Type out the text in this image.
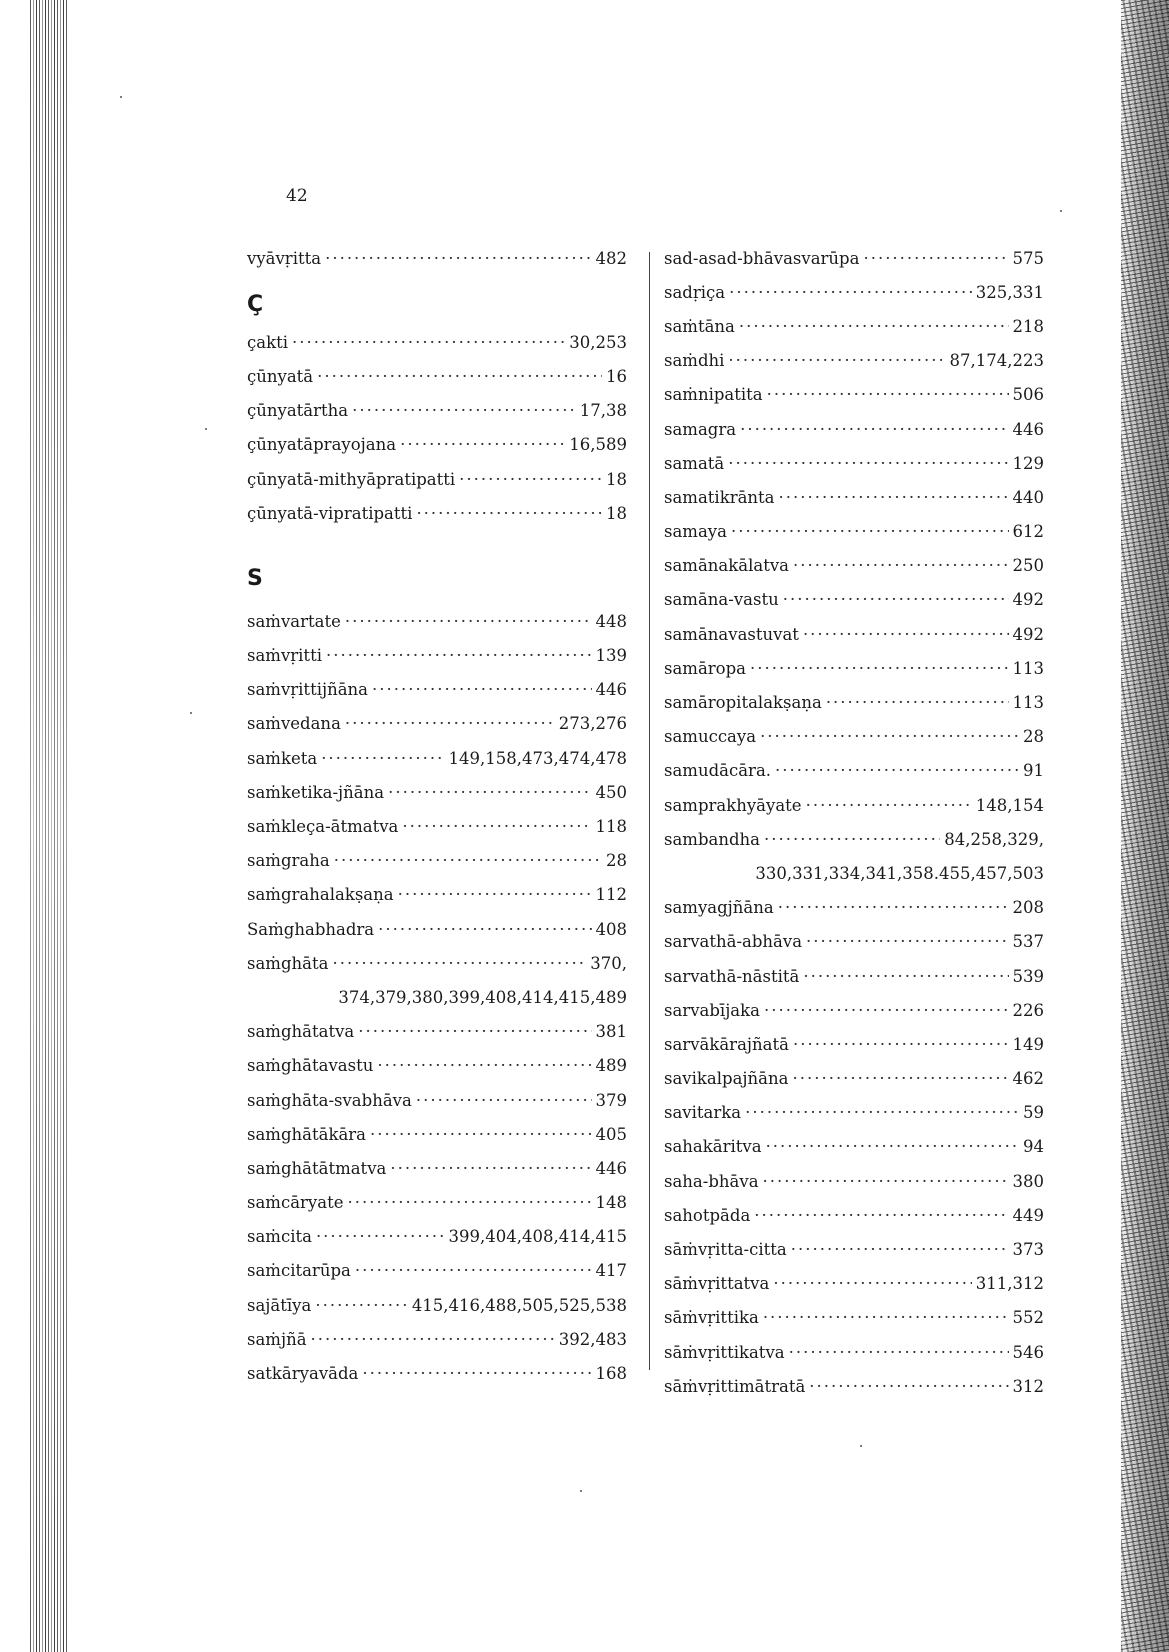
42
vyāvṛitta ·····	482
Ç
çakti ·····	30,253
çūnyatā ·····	16
çūnyatārtha ·····	17,38
çūnyatāprayojana ·····	16,589
çūnyatā-mithyāpratipatti ·····	18
çūnyatā-vipratipatti ·····	18
S
saṁvartate ·····	448
saṁvṛitti ·····	139
saṁvṛittijñāna ·····	446
saṁvedana ·····	273,276
saṁketa ·····	149,158,473,474,478
saṁketika-jñāna ·····	450
saṁkleça-ātmatva ·····	118
saṁgraha ·····	28
saṁgrahalakṣaṇa ·····	112
Saṁghabhadra ·····	408
saṁghāta ·····	370,
374,379,380,399,408,414,415,489
saṁghātatva ·····	381
saṁghātavastu ·····	489
saṁghāta-svabhāva ·····	379
saṁghātākāra ·····	405
saṁghātātmatva ·····	446
saṁcāryate ·····	148
saṁcita ·····	399,404,408,414,415
saṁcitarūpa ·····	417
sajātīya ·····	415,416,488,505,525,538
saṁjñā ·····	392,483
satkāryavāda ·····	168
sad-asad-bhāvasvarūpa ·····	575
sadṛiça ·····	325,331
saṁtāna ·····	218
saṁdhi ·····	87,174,223
saṁnipatita ·····	506
samagra ·····	446
samatā ·····	129
samatikrānta ·····	440
samaya ·····	612
samānakālatva ·····	250
samāna-vastu ·····	492
samānavastuvat ·····	492
samāropa ·····	113
samāropitalakṣaṇa ·····	113
samuccaya ·····	28
samudācāra. ·····	91
samprakhyāyate ·····	148,154
sambandha ·····	84,258,329,
330,331,334,341,358.455,457,503
samyagjñāna ·····	208
sarvathā-abhāva ·····	537
sarvathā-nāstitā ·····	539
sarvabījaka ·····	226
sarvākārajñatā ·····	149
savikalpajñāna ·····	462
savitarka ·····	59
sahakāritva ·····	94
saha-bhāva ·····	380
sahotpāda ·····	449
sāṁvṛitta-citta ·····	373
sāṁvṛittatva ·····	311,312
sāṁvṛittika ·····	552
sāṁvṛittikatva ·····	546
sāṁvṛittimātratā ·····	312
